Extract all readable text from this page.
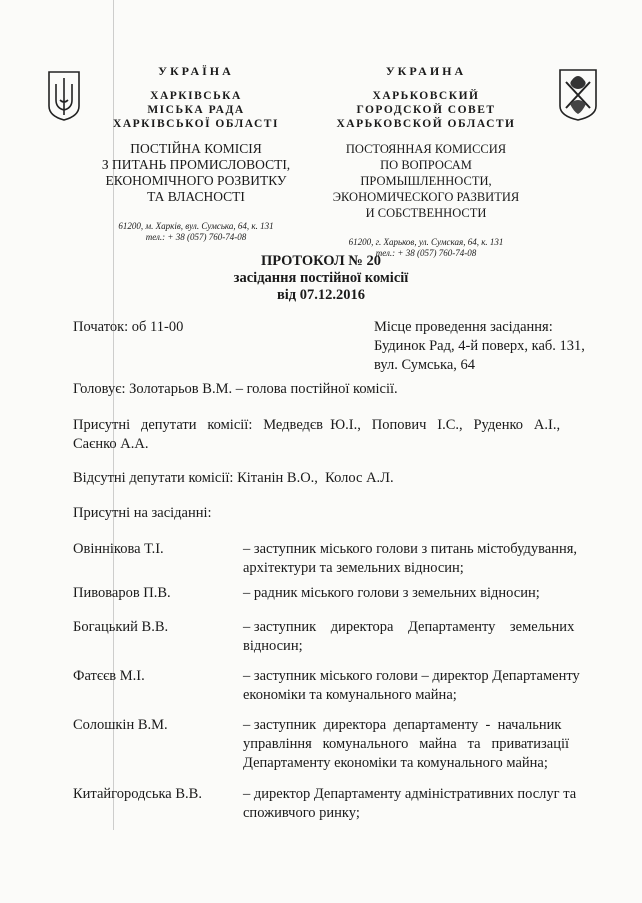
УКРАЇНА
ХАРКІВСЬКА
МІСЬКА РАДА
ХАРКІВСЬКОЇ ОБЛАСТІ
ПОСТІЙНА КОМІСІЯ
З ПИТАНЬ ПРОМИСЛОВОСТІ,
ЕКОНОМІЧНОГО РОЗВИТКУ
ТА ВЛАСНОСТІ
61200, м. Харків, вул. Сумська, 64, к. 131
тел.: + 38 (057) 760-74-08
УКРАИНА
ХАРЬКОВСКИЙ
ГОРОДСКОЙ СОВЕТ
ХАРЬКОВСКОЙ ОБЛАСТИ
ПОСТОЯННАЯ КОМИССИЯ
ПО ВОПРОСАМ ПРОМЫШЛЕННОСТИ,
ЭКОНОМИЧЕСКОГО РАЗВИТИЯ
И СОБСТВЕННОСТИ
61200, г. Харьков, ул. Сумская, 64, к. 131
тел.: + 38 (057) 760-74-08
ПРОТОКОЛ № 20
засідання постійної комісії
від 07.12.2016
Початок: об 11-00	Місце проведення засідання:
Будинок Рад, 4-й поверх, каб. 131,
вул. Сумська, 64
Головує: Золотарьов В.М. – голова постійної комісії.
Присутні   депутати   комісії:   Медведєв  Ю.І.,   Попович   І.С.,   Руденко   А.І.,
Саєнко А.А.
Відсутні депутати комісії: Кітанін В.О.,  Колос А.Л.
Присутні на засіданні:
Овіннікова Т.І.	– заступник міського голови з питань містобудування,
архітектури та земельних відносин;
Пивоваров П.В.	– радник міського голови з земельних відносин;
Богацький В.В.	– заступник    директора    Департаменту    земельних
відносин;
Фатєєв М.І.	– заступник міського голови – директор Департаменту
економіки та комунального майна;
Солошкін В.М.	– заступник  директора  департаменту  -  начальник
управління   комунального   майна   та   приватизації
Департаменту економіки та комунального майна;
Китайгородська В.В.	– директор Департаменту адміністративних послуг та
споживчого ринку;
